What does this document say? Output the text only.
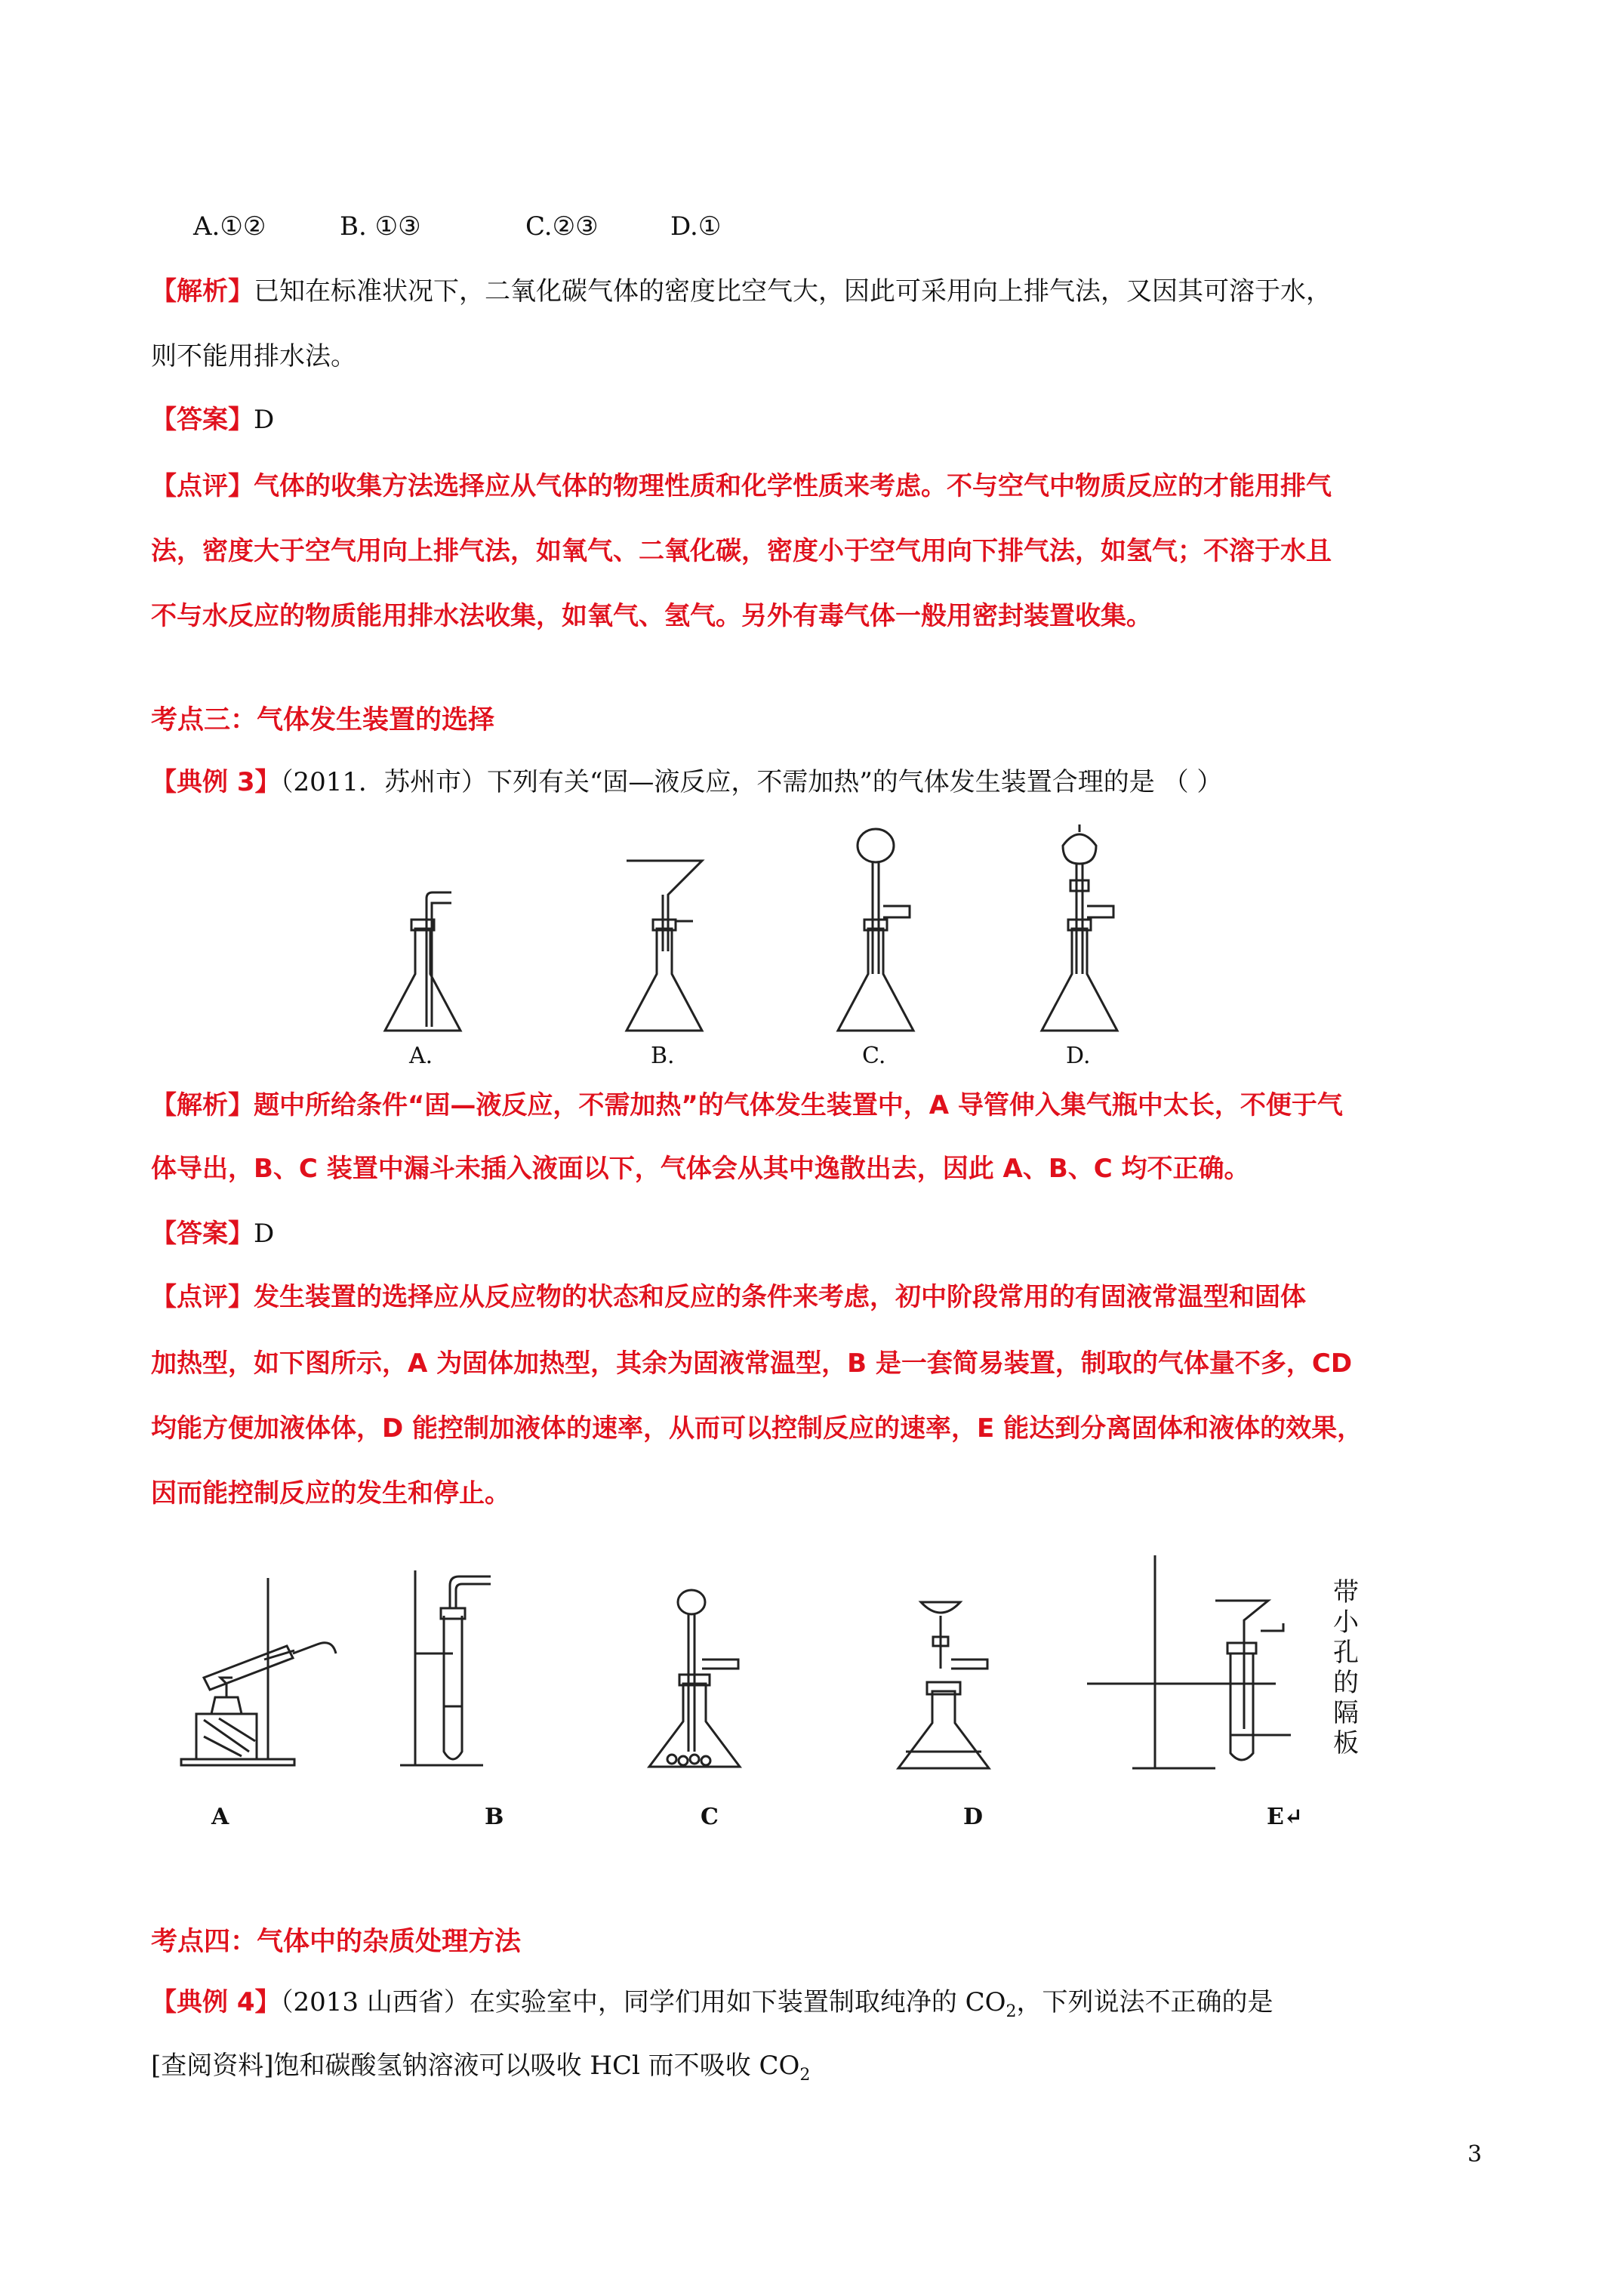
A.①②	B. ①③	C.②③	D.①
【解析】已知在标准状况下，二氧化碳气体的密度比空气大，因此可采用向上排气法，又因其可溶于水，
则不能用排水法。
【答案】D
【点评】气体的收集方法选择应从气体的物理性质和化学性质来考虑。不与空气中物质反应的才能用排气
法，密度大于空气用向上排气法，如氧气、二氧化碳，密度小于空气用向下排气法，如氢气；不溶于水且
不与水反应的物质能用排水法收集，如氧气、氢气。另外有毒气体一般用密封装置收集。
考点三：气体发生装置的选择
【典例 3】（2011．苏州市）下列有关“固—液反应，不需加热”的气体发生装置合理的是 （ ）
A.	B.	C.	D.
【解析】题中所给条件“固—液反应，不需加热”的气体发生装置中，A 导管伸入集气瓶中太长，不便于气
体导出，B、C 装置中漏斗未插入液面以下，气体会从其中逸散出去，因此 A、B、C 均不正确。
【答案】D
【点评】发生装置的选择应从反应物的状态和反应的条件来考虑，初中阶段常用的有固液常温型和固体
加热型，如下图所示，A 为固体加热型，其余为固液常温型，B 是一套简易装置，制取的气体量不多，CD
均能方便加液体体，D 能控制加液体的速率，从而可以控制反应的速率，E 能达到分离固体和液体的效果，
因而能控制反应的发生和停止。
A	B	C	D	E↵
带
小
孔
的
隔
板
考点四：气体中的杂质处理方法
【典例 4】（2013 山西省）在实验室中，同学们用如下装置制取纯净的 $CO_2$，下列说法不正确的是
[查阅资料]饱和碳酸氢钠溶液可以吸收 HCl 而不吸收 $CO_2$
3
